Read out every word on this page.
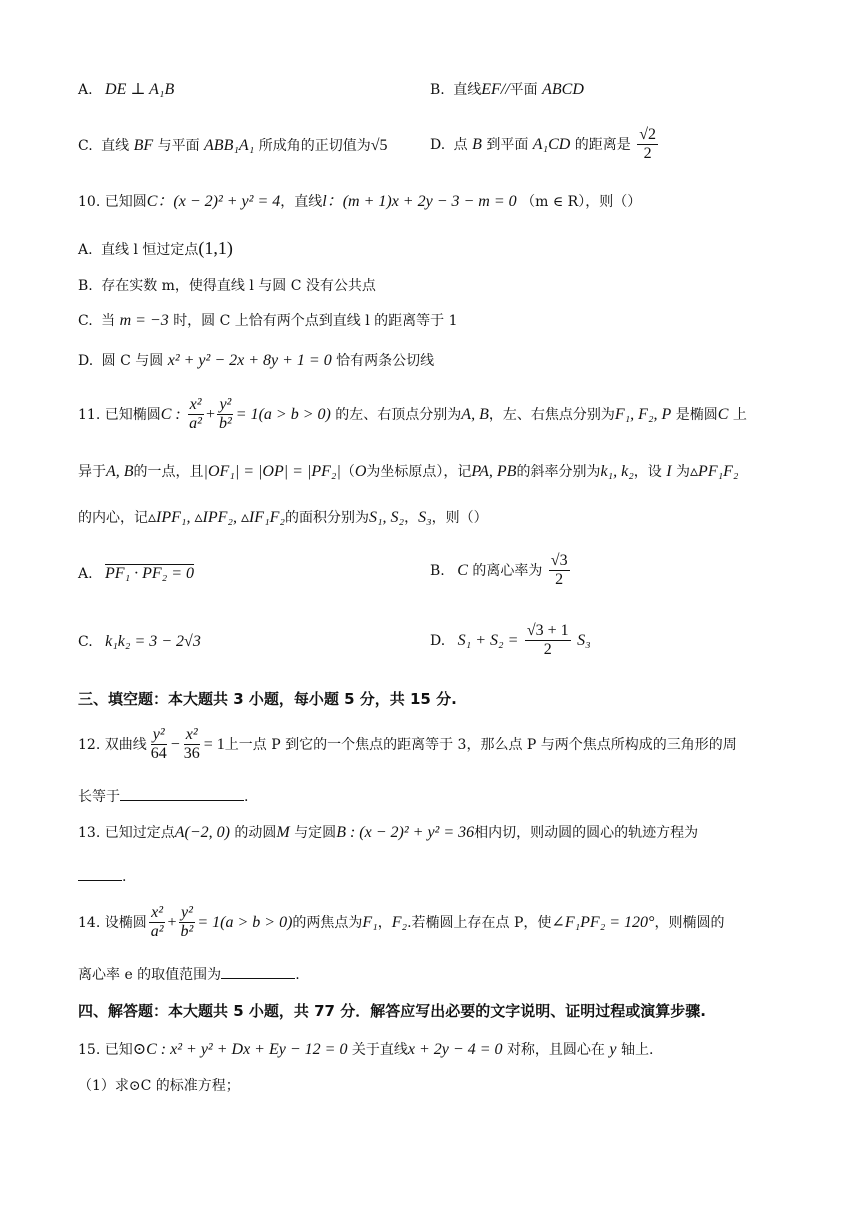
A. DE ⊥ A₁B	B. 直线EF//平面 ABCD
C. 直线 BF 与平面 ABB₁A₁ 所成角的正切值为√5	D. 点 B 到平面 A₁CD 的距离是 $\frac{√2}{2}$
10. 已知圆C：(x − 2)² + y² = 4，直线l：(m + 1)x + 2y − 3 − m = 0 （m ∈ R），则（）
A. 直线 l 恒过定点(1,1)
B. 存在实数 m，使得直线 l 与圆 C 没有公共点
C. 当 m = −3 时，圆 C 上恰有两个点到直线 l 的距离等于 1
D. 圆 C 与圆 x² + y² − 2x + 8y + 1 = 0 恰有两条公切线
11. 已知椭圆C : $\frac{\text{x²}}{\text{a²}} + \frac{\text{y²}}{\text{b²}} = 1(a > b > 0)$ 的左、右顶点分别为A, B，左、右焦点分别为F₁, F₂, P 是椭圆C 上
异于A, B的一点，且|OF₁| = |OP| = |PF₂|（O为坐标原点），记PA, PB的斜率分别为k₁, k₂，设 I 为▵PF₁F₂
的内心，记▵IPF₁, ▵IPF₂, ▵IF₁F₂的面积分别为S₁, S₂，S₃，则（）
A. PF₁ · PF₂ = 0	B. C 的离心率为 $\frac{√3}{2}$
C. k₁k₂ = 3 − 2√3	D. $S_1 + S_2 = \frac{√3 + 1}{2} S_3$
三、填空题：本大题共 3 小题，每小题 5 分，共 15 分.
12. 双曲线 $\frac{\text{y²}}{64} - \frac{\text{x²}}{36} = 1$上一点 P 到它的一个焦点的距离等于 3，那么点 P 与两个焦点所构成的三角形的周
长等于	.
13. 已知过定点A(−2, 0) 的动圆M 与定圆B : (x − 2)² + y² = 36相内切，则动圆的圆心的轨迹方程为
.
14. 设椭圆 $\frac{\text{x²}}{\text{a²}} + \frac{\text{y²}}{\text{b²}} = 1(a > b > 0)$的两焦点为F₁，F₂.若椭圆上存在点 P，使∠F₁PF₂ = 120°，则椭圆的
离心率 e 的取值范围为	.
四、解答题：本大题共 5 小题，共 77 分．解答应写出必要的文字说明、证明过程或演算步骤.
15. 已知⊙C : x² + y² + Dx + Ey − 12 = 0 关于直线x + 2y − 4 = 0 对称，且圆心在 y 轴上.
（1）求⊙C 的标准方程；
